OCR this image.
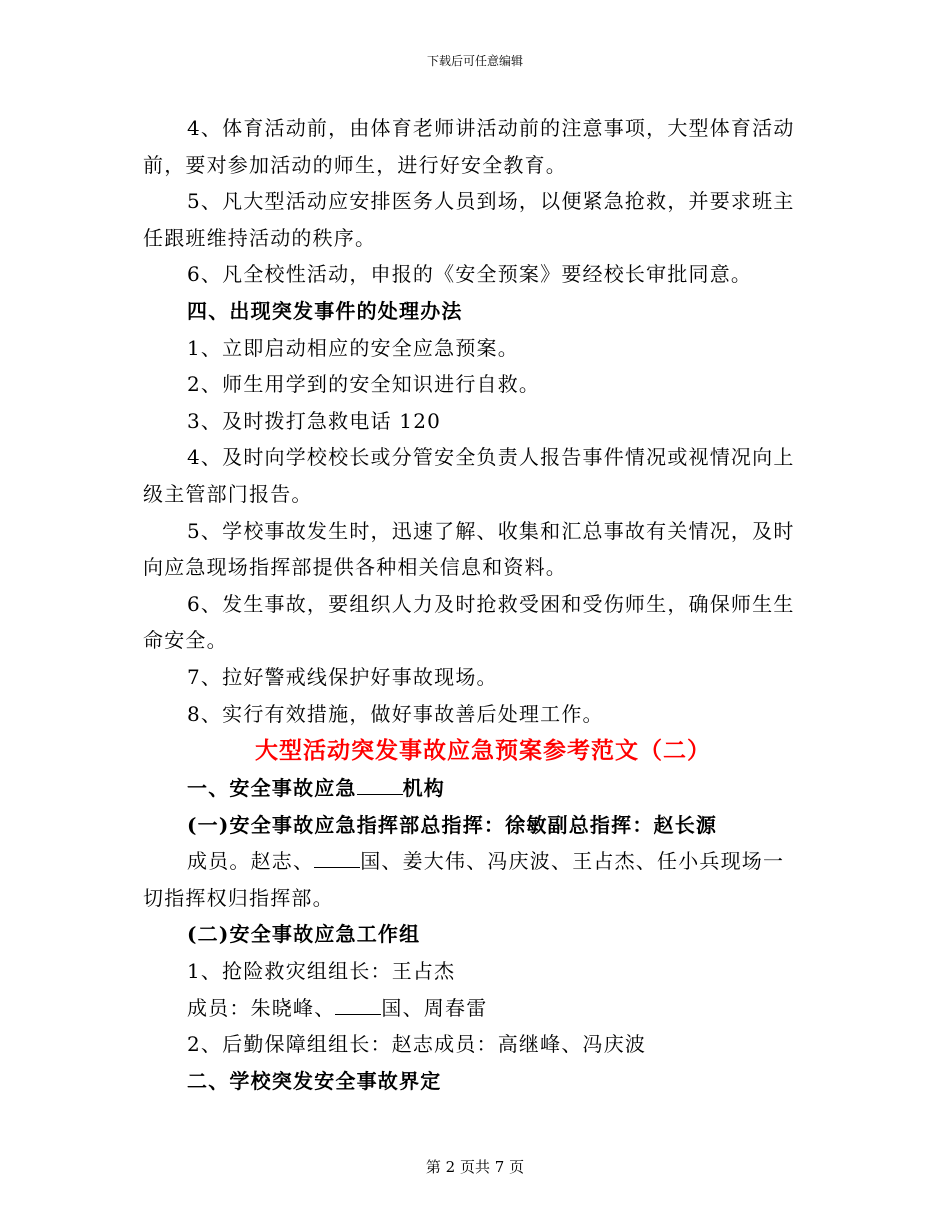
下载后可任意编辑

4、体育活动前，由体育老师讲活动前的注意事项，大型体育活动

前，要对参加活动的师生，进行好安全教育。

5、凡大型活动应安排医务人员到场，以便紧急抢救，并要求班主

任跟班维持活动的秩序。

6、凡全校性活动，申报的《安全预案》要经校长审批同意。

四、出现突发事件的处理办法

1、立即启动相应的安全应急预案。

2、师生用学到的安全知识进行自救。

3、及时拨打急救电话 120

4、及时向学校校长或分管安全负责人报告事件情况或视情况向上

级主管部门报告。

5、学校事故发生时，迅速了解、收集和汇总事故有关情况，及时

向应急现场指挥部提供各种相关信息和资料。

6、发生事故，要组织人力及时抢救受困和受伤师生，确保师生生

命安全。

7、拉好警戒线保护好事故现场。

8、实行有效措施，做好事故善后处理工作。

大型活动突发事故应急预案参考范文（二）

一、安全事故应急 机构

(一)安全事故应急指挥部总指挥：徐敏副总指挥：赵长源

成员。赵志、 国、姜大伟、冯庆波、王占杰、任小兵现场一

切指挥权归指挥部。

(二)安全事故应急工作组

1、抢险救灾组组长：王占杰

成员：朱晓峰、 国、周春雷

2、后勤保障组组长：赵志成员：高继峰、冯庆波

二、学校突发安全事故界定

第 2 页共 7 页
